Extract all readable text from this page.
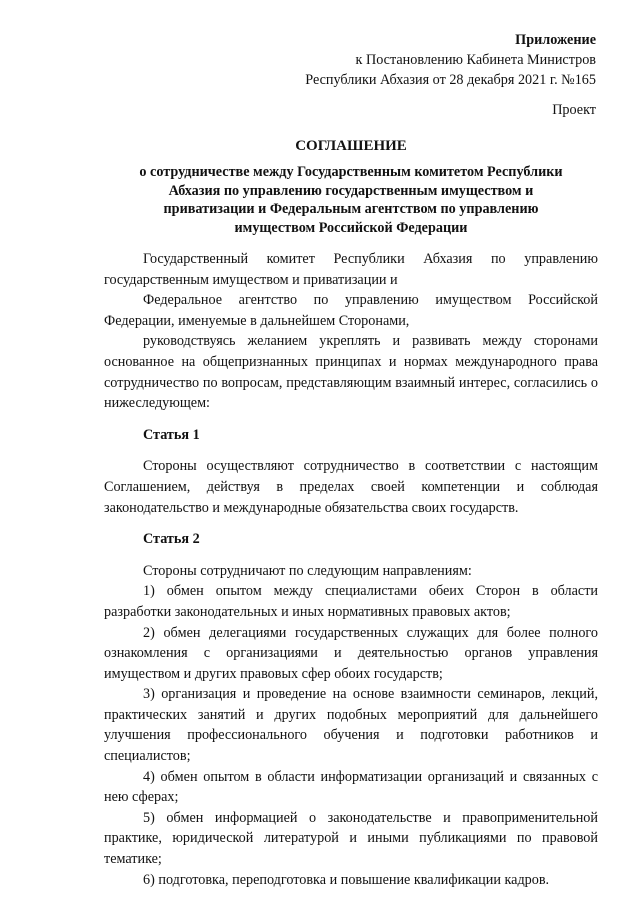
Приложение
к Постановлению Кабинета Министров
Республики Абхазия от 28 декабря 2021 г. №165
Проект
СОГЛАШЕНИЕ
о сотрудничестве между Государственным комитетом Республики
Абхазия по управлению государственным имуществом и
приватизации и Федеральным агентством по управлению
имуществом Российской Федерации

Государственный комитет Республики Абхазия по управлению государственным имуществом и приватизации и

Федеральное агентство по управлению имуществом Российской Федерации, именуемые в дальнейшем Сторонами,

руководствуясь желанием укреплять и развивать между сторонами основанное на общепризнанных принципах и нормах международного права сотрудничество по вопросам, представляющим взаимный интерес, согласились о нижеследующем:

Статья 1

Стороны осуществляют сотрудничество в соответствии с настоящим Соглашением, действуя в пределах своей компетенции и соблюдая законодательство и международные обязательства своих государств.

Статья 2

Стороны сотрудничают по следующим направлениям:

1) обмен опытом между специалистами обеих Сторон в области разработки законодательных и иных нормативных правовых актов;

2) обмен делегациями государственных служащих для более полного ознакомления с организациями и деятельностью органов управления имуществом и других правовых сфер обоих государств;

3) организация и проведение на основе взаимности семинаров, лекций, практических занятий и других подобных мероприятий для дальнейшего улучшения профессионального обучения и подготовки работников и специалистов;

4) обмен опытом в области информатизации организаций и связанных с нею сферах;

5) обмен информацией о законодательстве и правоприменительной практике, юридической литературой и иными публикациями по правовой тематике;

6) подготовка, переподготовка и повышение квалификации кадров.
